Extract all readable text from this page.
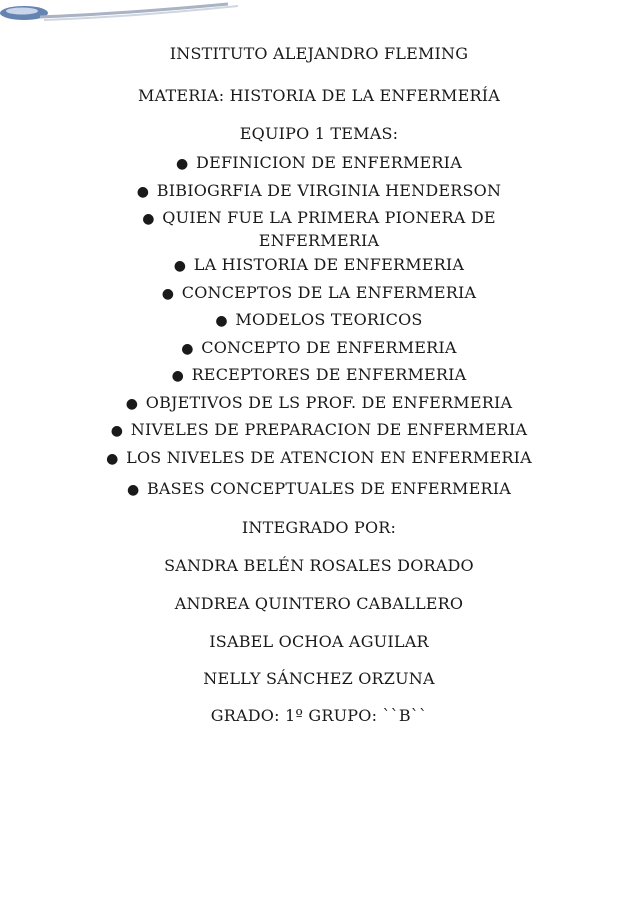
INSTITUTO ALEJANDRO FLEMING
MATERIA: HISTORIA DE LA ENFERMERÍA
EQUIPO 1 TEMAS:
● DEFINICION DE ENFERMERIA
● BIBIOGRFIA DE VIRGINIA HENDERSON
● QUIEN FUE LA PRIMERA PIONERA DE
ENFERMERIA
● LA HISTORIA DE ENFERMERIA
● CONCEPTOS DE LA ENFERMERIA
● MODELOS TEORICOS
● CONCEPTO DE ENFERMERIA
● RECEPTORES DE ENFERMERIA
● OBJETIVOS DE LS PROF. DE ENFERMERIA
● NIVELES DE PREPARACION DE ENFERMERIA
● LOS NIVELES DE ATENCION EN ENFERMERIA
● BASES CONCEPTUALES DE ENFERMERIA
INTEGRADO POR:
SANDRA BELÉN ROSALES DORADO
ANDREA QUINTERO CABALLERO
ISABEL OCHOA AGUILAR
NELLY SÁNCHEZ ORZUNA
GRADO: 1º GRUPO: ``B``
